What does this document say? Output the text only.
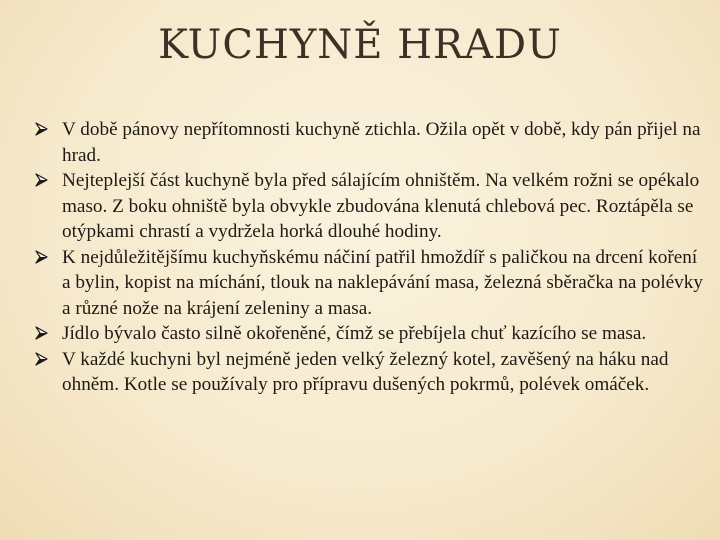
KUCHYNĚ HRADU
V době pánovy nepřítomnosti kuchyně ztichla. Ožila opět v době, kdy pán přijel na hrad.
Nejteplejší část kuchyně byla před sálajícím ohništěm. Na velkém rožni se opékalo maso. Z boku ohniště byla obvykle zbudována klenutá chlebová pec. Roztápěla se otýpkami chrastí a vydržela horká dlouhé hodiny.
K nejdůležitějšímu kuchyňskému náčiní patřil hmoždíř s paličkou na drcení koření a bylin, kopist na míchání, tlouk na naklepávání masa, železná sběračka na polévky a různé nože na krájení zeleniny a masa.
Jídlo bývalo často silně okořeněné, čímž se přebíjela chuť kazícího se masa.
V každé kuchyni byl nejméně jeden velký železný kotel, zavěšený na háku nad ohněm. Kotle se používaly pro přípravu dušených pokrmů, polévek omáček.
